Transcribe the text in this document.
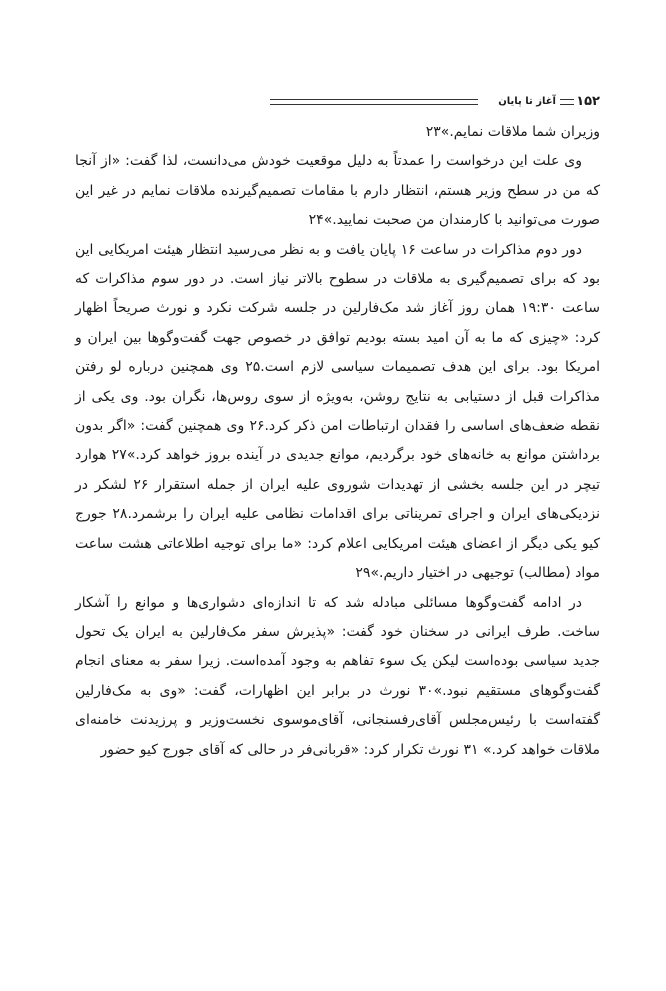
۱۵۲
آغاز تا پایان

وزیران شما ملاقات نمایم.»۲۳

وی علت این درخواست را عمدتاً به دلیل موقعیت خودش می‌دانست، لذا گفت: «از آنجا که من در سطح وزیر هستم، انتظار دارم با مقامات تصمیم‌گیرنده ملاقات نمایم در غیر این صورت می‌توانید با کارمندان من صحبت نمایید.»۲۴

دور دوم مذاکرات در ساعت ۱۶ پایان یافت و به نظر می‌رسید انتظار هیئت امریکایی این بود که برای تصمیم‌گیری به ملاقات در سطوح بالاتر نیاز است. در دور سوم مذاکرات که ساعت ۱۹:۳۰ همان روز آغاز شد مک‌فارلین در جلسه شرکت نکرد و نورث صریحاً اظهار کرد: «چیزی که ما به آن امید بسته بودیم توافق در خصوص جهت گفت‌وگوها بین ایران و امریکا بود. برای این هدف تصمیمات سیاسی لازم است.۲۵ وی همچنین درباره لو رفتن مذاکرات قبل از دستیابی به نتایج روشن، به‌ویژه از سوی روس‌ها، نگران بود. وی یکی از نقطه ضعف‌های اساسی را فقدان ارتباطات امن ذکر کرد.۲۶ وی همچنین گفت: «اگر بدون برداشتن موانع به خانه‌های خود برگردیم، موانع جدیدی در آینده بروز خواهد کرد.»۲۷ هوارد تیچر در این جلسه بخشی از تهدیدات شوروی علیه ایران از جمله استقرار ۲۶ لشکر در نزدیکی‌های ایران و اجرای تمریناتی برای اقدامات نظامی علیه ایران را برشمرد.۲۸ جورج کیو یکی دیگر از اعضای هیئت امریکایی اعلام کرد: «ما برای توجیه اطلاعاتی هشت ساعت مواد (مطالب) توجیهی در اختیار داریم.»۲۹

در ادامه گفت‌وگوها مسائلی مبادله شد که تا اندازه‌ای دشواری‌ها و موانع را آشکار ساخت. طرف ایرانی در سخنان خود گفت: «پذیرش سفر مک‌فارلین به ایران یک تحول جدید سیاسی بوده‌است لیکن یک سوء تفاهم به وجود آمده‌است. زیرا سفر به معنای انجام گفت‌وگوهای مستقیم نبود.»۳۰ نورث در برابر این اظهارات، گفت: «وی به مک‌فارلین گفته‌است با رئیس‌مجلس آقای‌رفسنجانی، آقای‌موسوی نخست‌وزیر و پرزیدنت خامنه‌ای ملاقات خواهد کرد.» ۳۱ نورث تکرار کرد: «قربانی‌فر در حالی که آقای جورج کیو حضور
